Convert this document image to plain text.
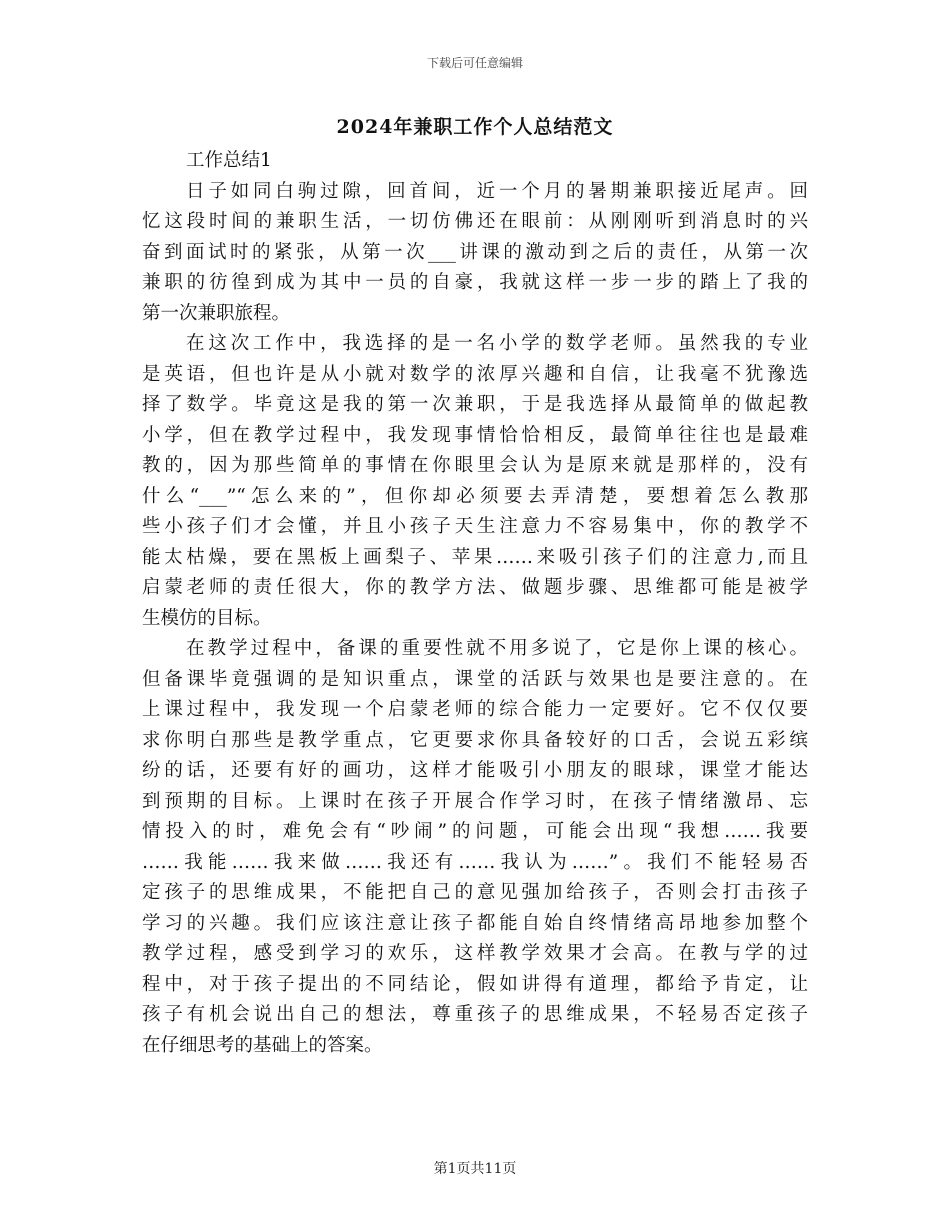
下载后可任意编辑
2024年兼职工作个人总结范文

工作总结1

日子如同白驹过隙，回首间，近一个月的暑期兼职接近尾声。回
忆这段时间的兼职生活，一切仿佛还在眼前：从刚刚听到消息时的兴
奋到面试时的紧张，从第一次___讲课的激动到之后的责任，从第一次
兼职的彷徨到成为其中一员的自豪，我就这样一步一步的踏上了我的
第一次兼职旅程。
在这次工作中，我选择的是一名小学的数学老师。虽然我的专业
是英语，但也许是从小就对数学的浓厚兴趣和自信，让我毫不犹豫选
择了数学。毕竟这是我的第一次兼职，于是我选择从最简单的做起教
小学，但在教学过程中，我发现事情恰恰相反，最简单往往也是最难
教的，因为那些简单的事情在你眼里会认为是原来就是那样的，没有
什么“___”“怎么来的”，但你却必须要去弄清楚，要想着怎么教那
些小孩子们才会懂，并且小孩子天生注意力不容易集中，你的教学不
能太枯燥，要在黑板上画梨子、苹果……来吸引孩子们的注意力,而且
启蒙老师的责任很大，你的教学方法、做题步骤、思维都可能是被学
生模仿的目标。
在教学过程中，备课的重要性就不用多说了，它是你上课的核心。
但备课毕竟强调的是知识重点，课堂的活跃与效果也是要注意的。在
上课过程中，我发现一个启蒙老师的综合能力一定要好。它不仅仅要
求你明白那些是教学重点，它更要求你具备较好的口舌，会说五彩缤
纷的话，还要有好的画功，这样才能吸引小朋友的眼球，课堂才能达
到预期的目标。上课时在孩子开展合作学习时，在孩子情绪激昂、忘
情投入的时，难免会有“吵闹”的问题，可能会出现“我想……我要
……我能……我来做……我还有……我认为……”。我们不能轻易否
定孩子的思维成果，不能把自己的意见强加给孩子，否则会打击孩子
学习的兴趣。我们应该注意让孩子都能自始自终情绪高昂地参加整个
教学过程，感受到学习的欢乐，这样教学效果才会高。在教与学的过
程中，对于孩子提出的不同结论，假如讲得有道理，都给予肯定，让
孩子有机会说出自己的想法，尊重孩子的思维成果，不轻易否定孩子
在仔细思考的基础上的答案。
第1页共11页
